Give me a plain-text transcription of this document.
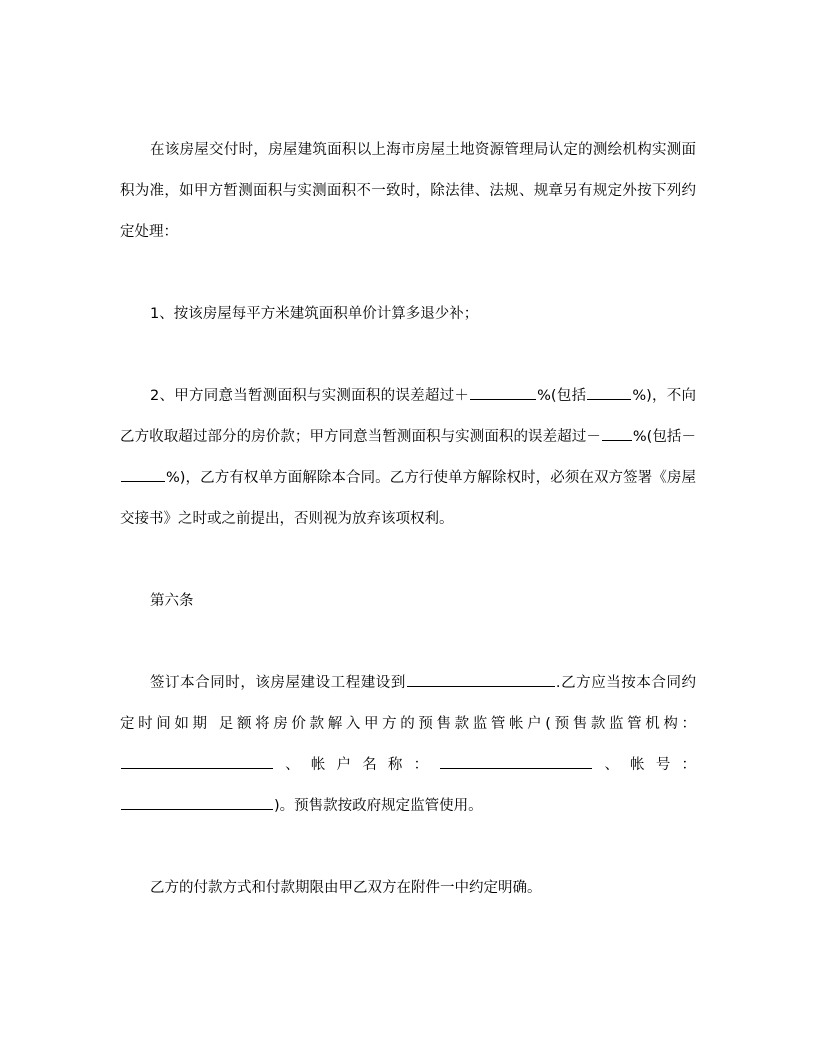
在该房屋交付时，房屋建筑面积以上海市房屋土地资源管理局认定的测绘机构实测面积为准，如甲方暂测面积与实测面积不一致时，除法律、法规、规章另有规定外按下列约定处理：

1、按该房屋每平方米建筑面积单价计算多退少补；

2、甲方同意当暂测面积与实测面积的误差超过＋	%(包括	%)，不向乙方收取超过部分的房价款；甲方同意当暂测面积与实测面积的误差超过－ %(包括－%)，乙方有权单方面解除本合同。乙方行使单方解除权时，必须在双方签署《房屋交接书》之时或之前提出，否则视为放弃该项权利。

第六条

签订本合同时，该房屋建设工程建设到	.乙方应当按本合同约定时间如期 足额将房价款解入甲方的预售款监管帐户(预售款监管机构：、帐户名称：	、帐号：)。预售款按政府规定监管使用。

乙方的付款方式和付款期限由甲乙双方在附件一中约定明确。
